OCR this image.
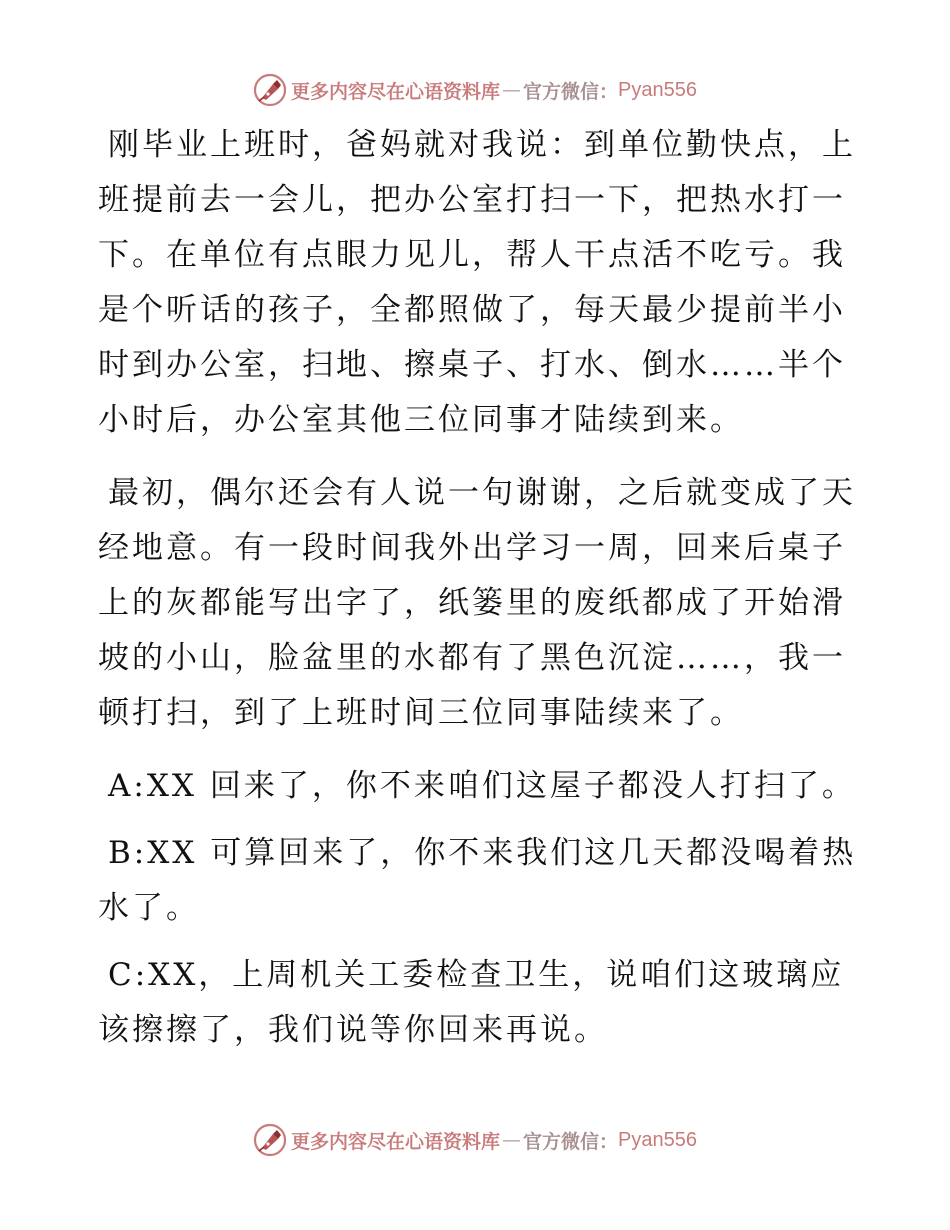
更多内容尽在心语资料库 — 官方微信： Pyan556

刚毕业上班时，爸妈就对我说：到单位勤快点，上班提前去一会儿，把办公室打扫一下，把热水打一下。在单位有点眼力见儿，帮人干点活不吃亏。我是个听话的孩子，全都照做了，每天最少提前半小时到办公室，扫地、擦桌子、打水、倒水……半个小时后，办公室其他三位同事才陆续到来。

最初，偶尔还会有人说一句谢谢，之后就变成了天经地意。有一段时间我外出学习一周，回来后桌子上的灰都能写出字了，纸篓里的废纸都成了开始滑坡的小山，脸盆里的水都有了黑色沉淀……，我一顿打扫，到了上班时间三位同事陆续来了。

A:XX 回来了，你不来咱们这屋子都没人打扫了。

B:XX 可算回来了，你不来我们这几天都没喝着热水了。

C:XX，上周机关工委检查卫生，说咱们这玻璃应该擦擦了，我们说等你回来再说。

更多内容尽在心语资料库 — 官方微信： Pyan556
